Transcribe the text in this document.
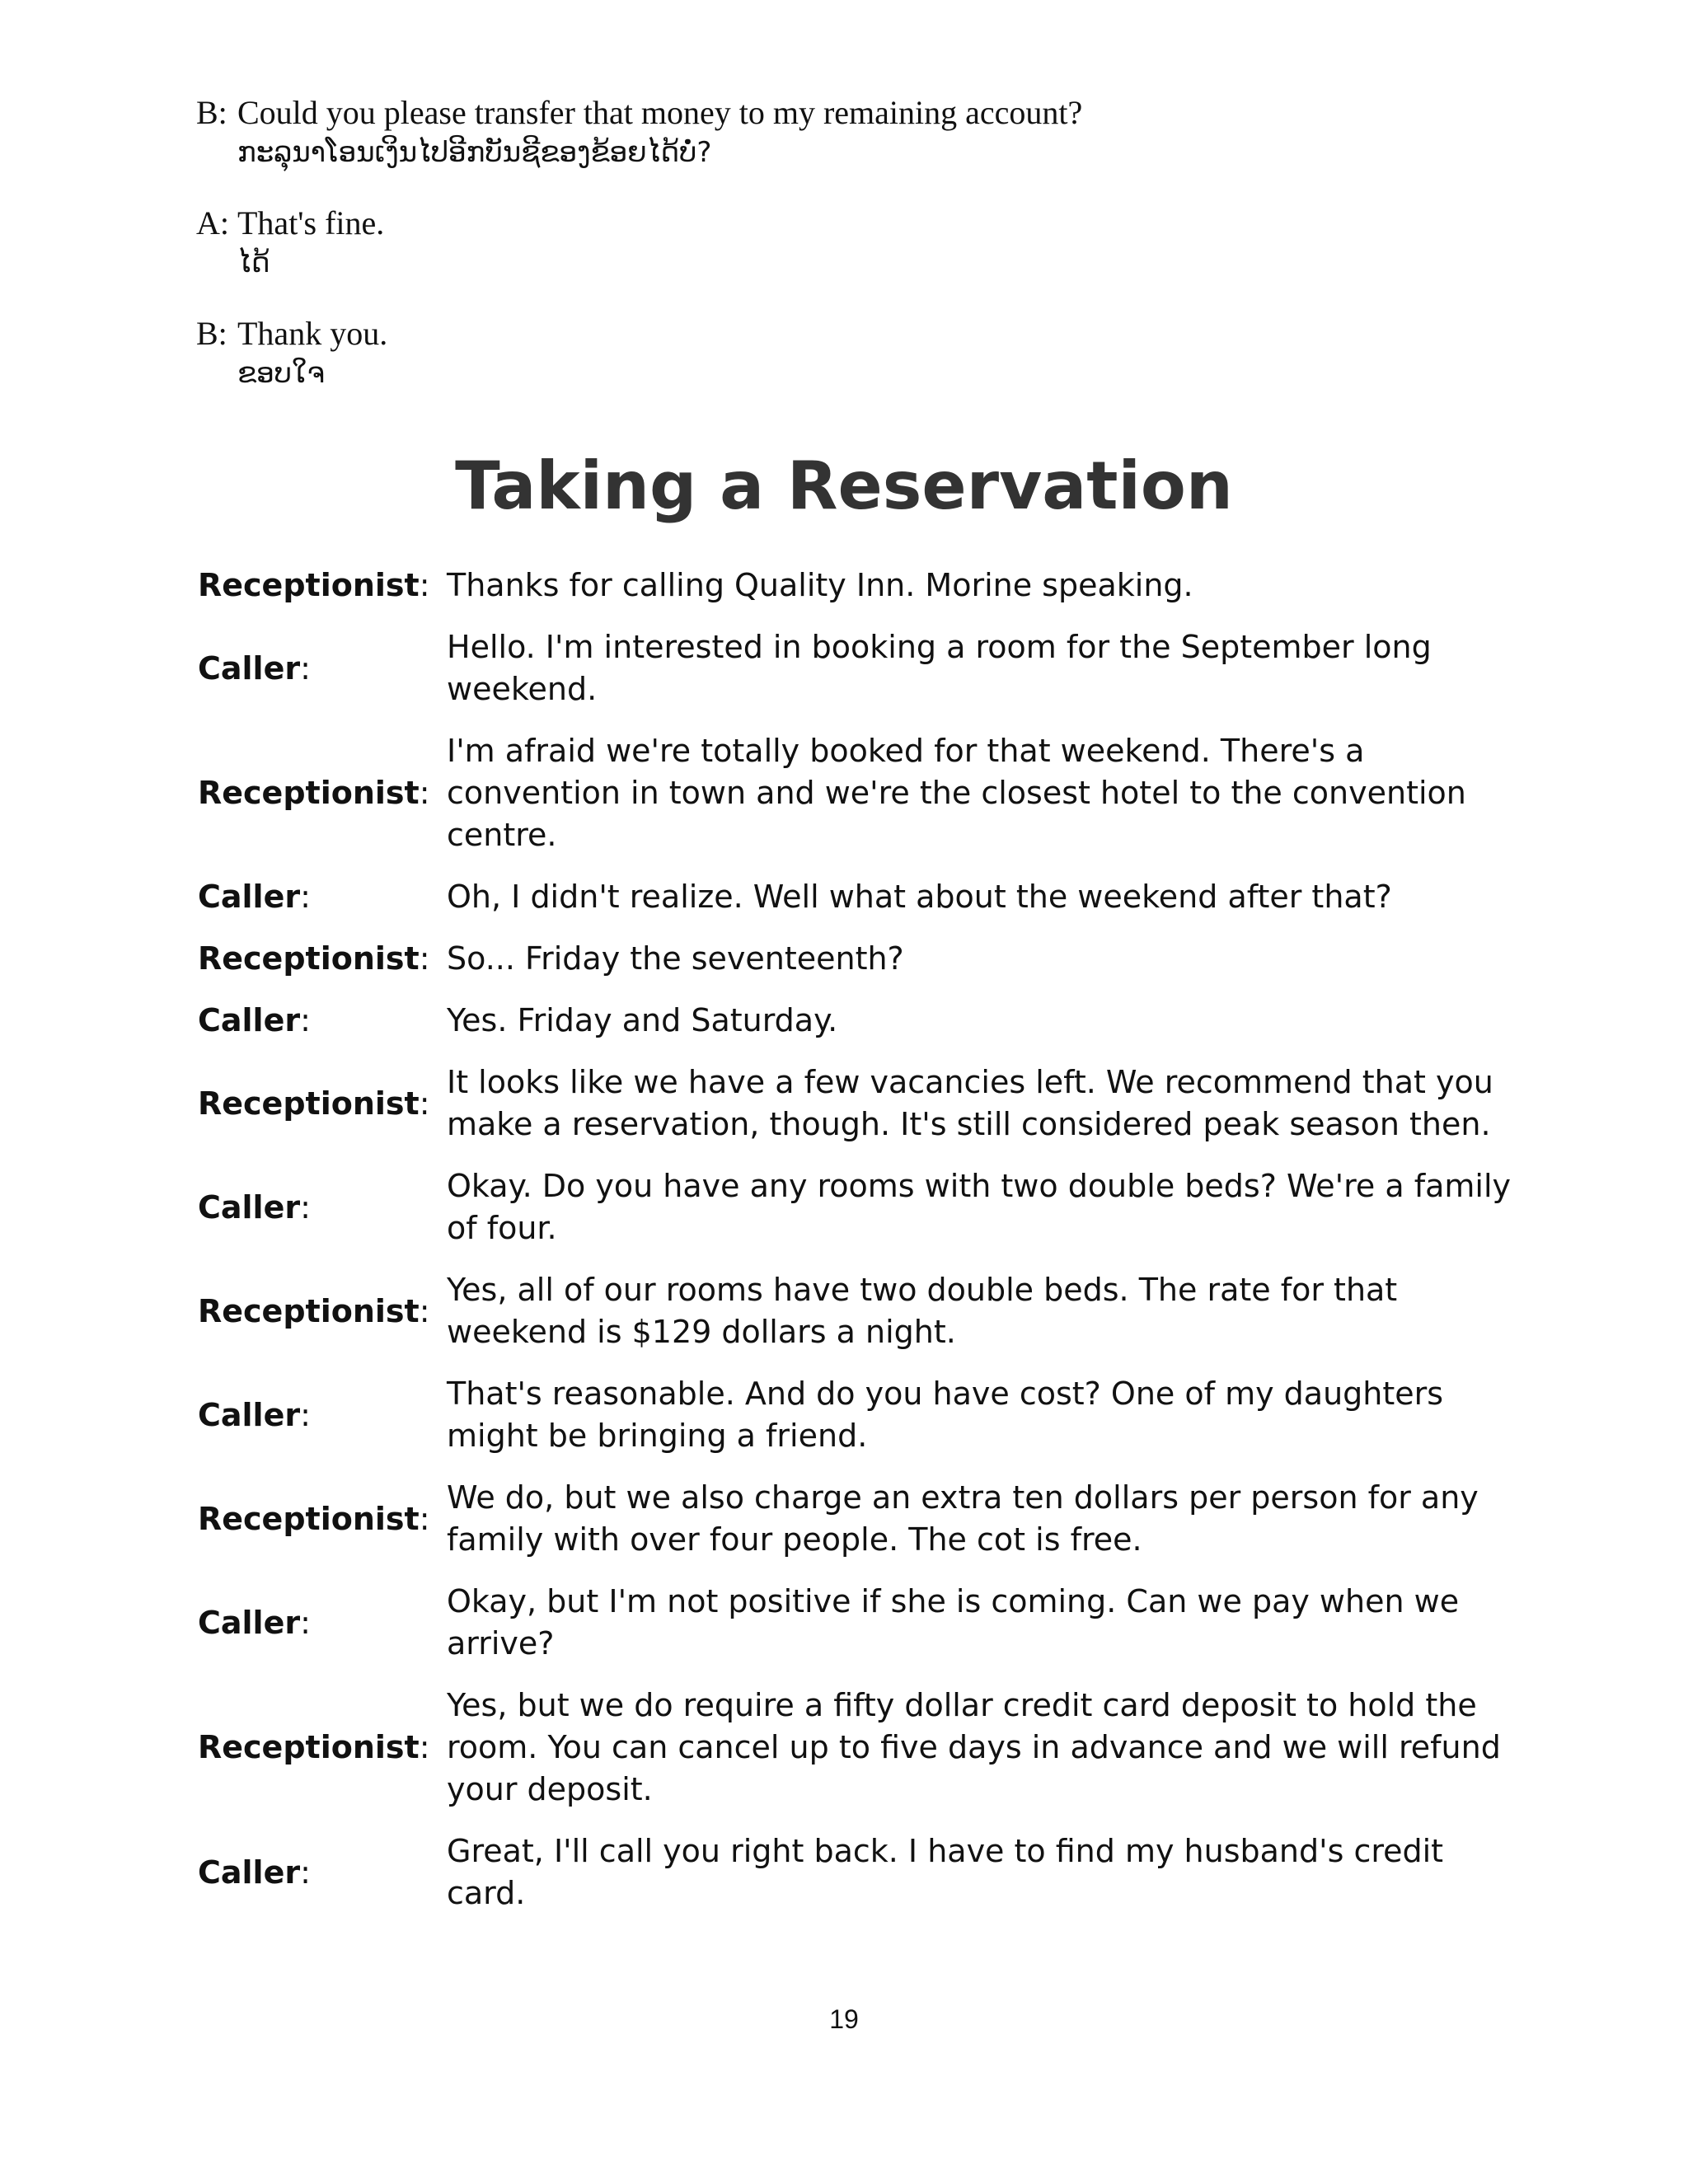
B: Could you please transfer that money to my remaining account?
ກະລຸນາໂອນເງິນໄປອີກບັນຊີຂອງຂ້ອຍໄດ້ບໍ່?
A: That's fine.
ໄດ້
B: Thank you.
ຂອບໃຈ
Taking a Reservation
Receptionist: Thanks for calling Quality Inn. Morine speaking.
Caller:
Hello. I'm interested in booking a room for the September long weekend.
Receptionist:
I'm afraid we're totally booked for that weekend. There's a convention in town and we're the closest hotel to the convention centre.
Caller:	Oh, I didn't realize. Well what about the weekend after that?
Receptionist: So... Friday the seventeenth?
Caller:	Yes. Friday and Saturday.
Receptionist:
It looks like we have a few vacancies left. We recommend that you make a reservation, though. It's still considered peak season then.
Caller:
Okay. Do you have any rooms with two double beds? We're a family of four.
Receptionist:
Yes, all of our rooms have two double beds. The rate for that weekend is $129 dollars a night.
Caller:
That's reasonable. And do you have cost? One of my daughters might be bringing a friend.
Receptionist:
We do, but we also charge an extra ten dollars per person for any family with over four people. The cot is free.
Caller:
Okay, but I'm not positive if she is coming. Can we pay when we arrive?
Receptionist:
Yes, but we do require a fifty dollar credit card deposit to hold the room. You can cancel up to five days in advance and we will refund your deposit.
Caller:
Great, I'll call you right back. I have to find my husband's credit card.
19
